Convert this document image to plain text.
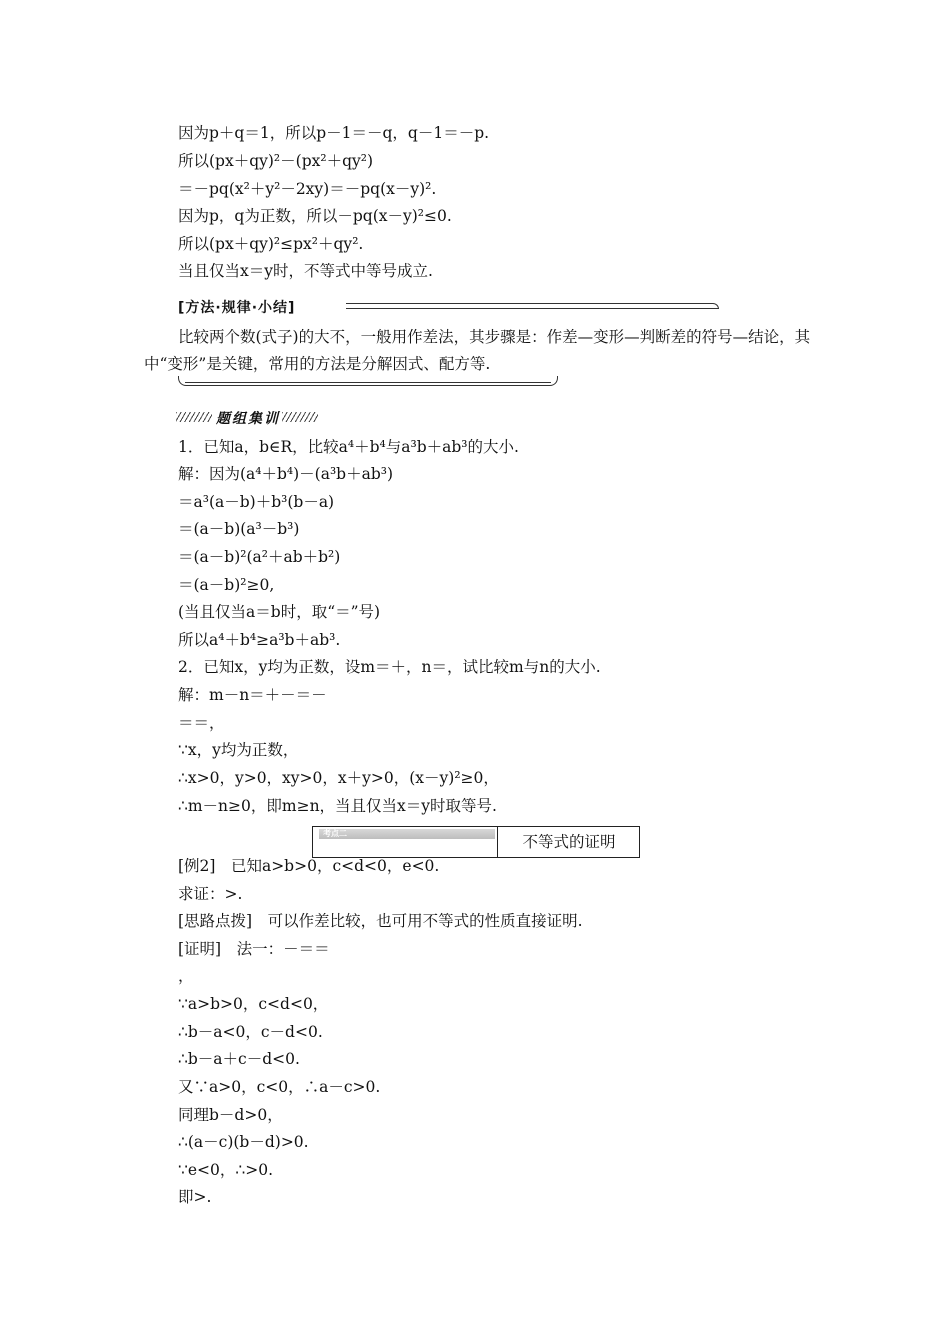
因为p＋q＝1，所以p－1＝－q，q－1＝－p.
所以(px＋qy)²－(px²＋qy²)
＝－pq(x²＋y²－2xy)＝－pq(x－y)².
因为p，q为正数，所以－pq(x－y)²≤0.
所以(px＋qy)²≤px²＋qy².
当且仅当x＝y时，不等式中等号成立.
[方法·规律·小结]
比较两个数(式子)的大不，一般用作差法，其步骤是：作差—变形—判断差的符号—结论，其中“变形”是关键，常用的方法是分解因式、配方等.
题组集训
1．已知a，b∈R，比较a⁴＋b⁴与a³b＋ab³的大小.
解：因为(a⁴＋b⁴)－(a³b＋ab³)
＝a³(a－b)＋b³(b－a)
＝(a－b)(a³－b³)
＝(a－b)²(a²＋ab＋b²)
＝(a－b)²≥0,
(当且仅当a＝b时，取“＝”号)
所以a⁴＋b⁴≥a³b＋ab³.
2．已知x，y均为正数，设m＝＋，n＝，试比较m与n的大小.
解：m－n＝＋－＝－
＝＝，
∵x，y均为正数，
∴x>0，y>0，xy>0，x＋y>0，(x－y)²≥0，
∴m－n≥0，即m≥n，当且仅当x＝y时取等号.
考点二	不等式的证明
[例2]　已知a>b>0，c<d<0，e<0.
求证：>.
[思路点拨]　可以作差比较，也可用不等式的性质直接证明.
[证明]　法一：－＝＝
，
∵a>b>0，c<d<0，
∴b－a<0，c－d<0.
∴b－a＋c－d<0.
又∵a>0，c<0，∴a－c>0.
同理b－d>0，
∴(a－c)(b－d)>0.
∵e<0，∴>0.
即>.
